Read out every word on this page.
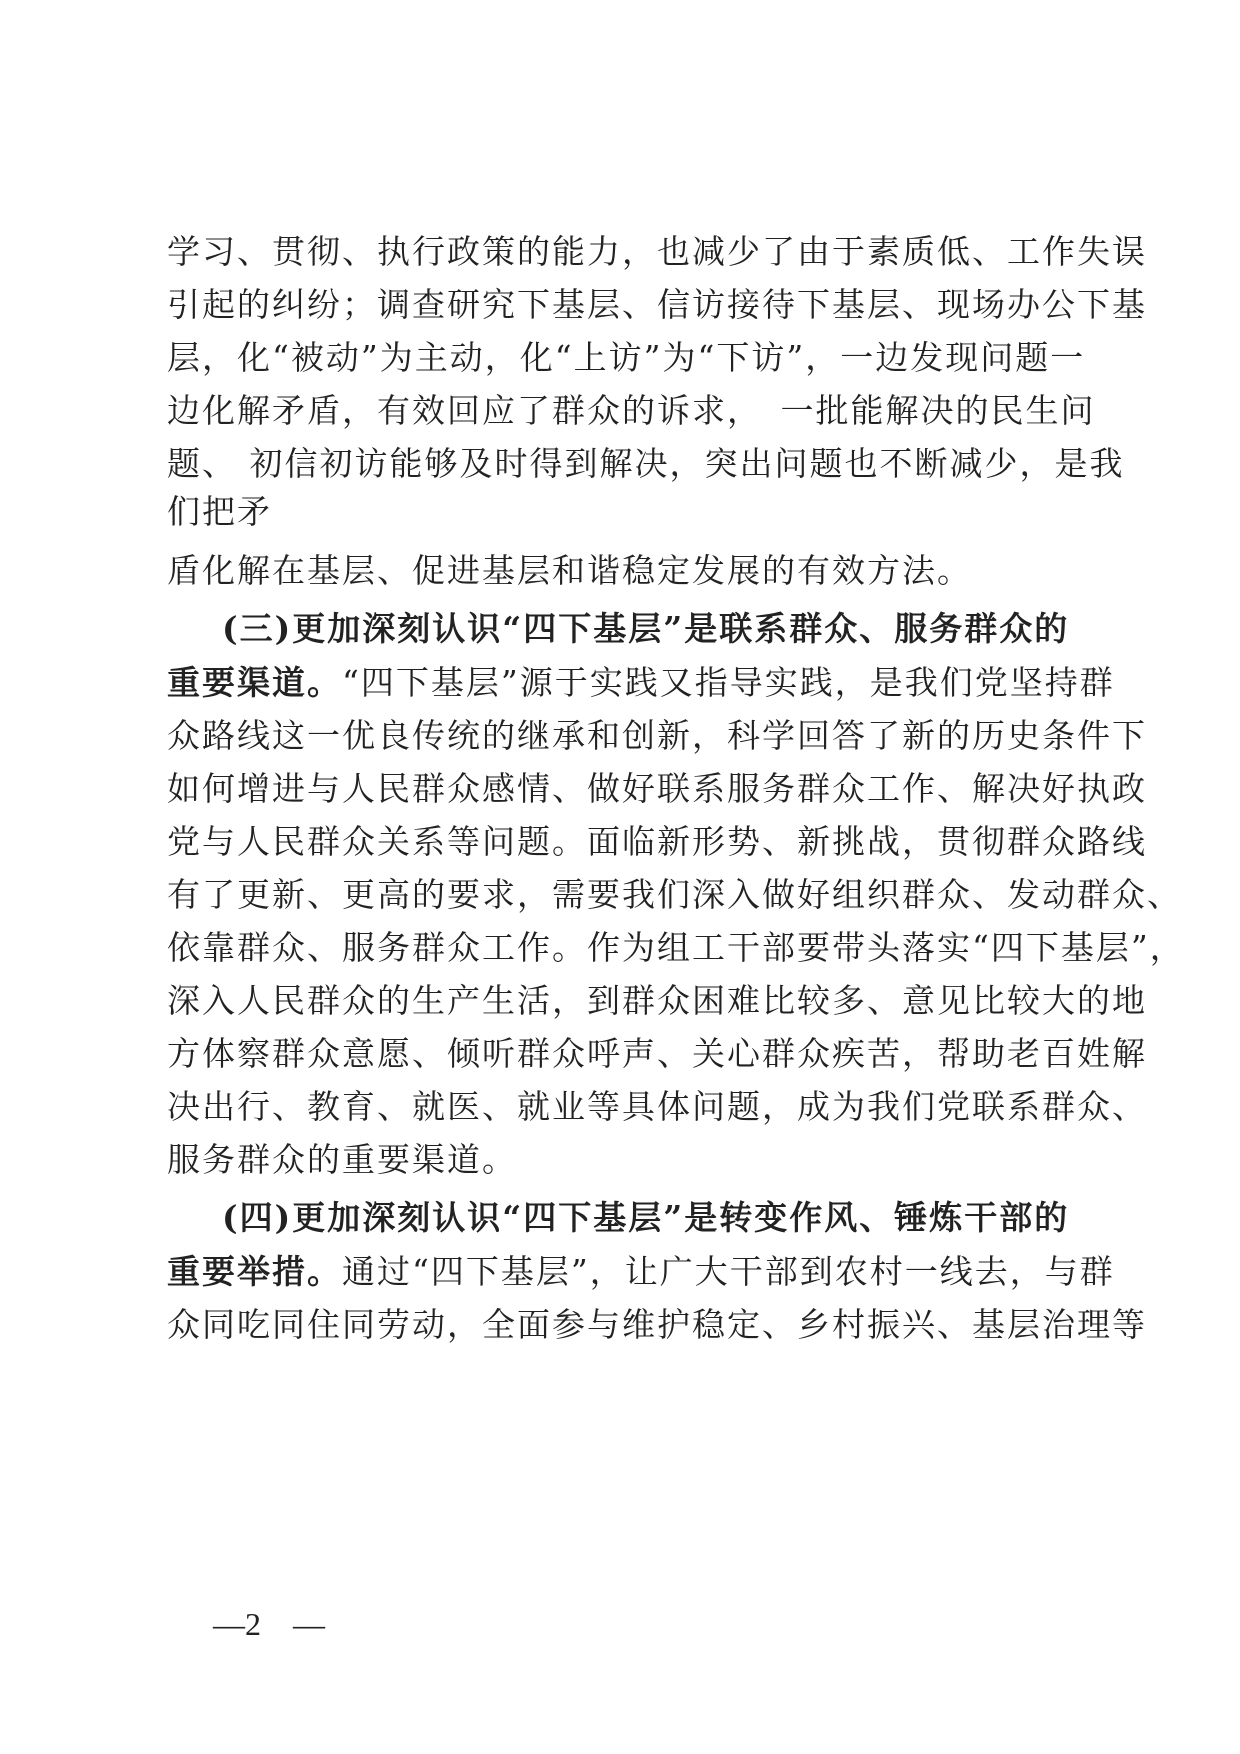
学习、贯彻、执行政策的能力，也减少了由于素质低、工作失误
引起的纠纷；调查研究下基层、信访接待下基层、现场办公下基
层，化“被动”为主动，化“上访”为“下访”，一边发现问题一
边化解矛盾，有效回应了群众的诉求，　一批能解决的民生问
题、 初信初访能够及时得到解决，突出问题也不断减少，是我
们把矛
盾化解在基层、促进基层和谐稳定发展的有效方法。
(三)更加深刻认识“四下基层”是联系群众、服务群众的
重要渠道。“四下基层”源于实践又指导实践，是我们党坚持群
众路线这一优良传统的继承和创新，科学回答了新的历史条件下
如何增进与人民群众感情、做好联系服务群众工作、解决好执政
党与人民群众关系等问题。面临新形势、新挑战，贯彻群众路线
有了更新、更高的要求，需要我们深入做好组织群众、发动群众、
依靠群众、服务群众工作。作为组工干部要带头落实“四下基层”，
深入人民群众的生产生活，到群众困难比较多、意见比较大的地
方体察群众意愿、倾听群众呼声、关心群众疾苦，帮助老百姓解
决出行、教育、就医、就业等具体问题，成为我们党联系群众、
服务群众的重要渠道。
(四)更加深刻认识“四下基层”是转变作风、锤炼干部的
重要举措。通过“四下基层”，让广大干部到农村一线去，与群
众同吃同住同劳动，全面参与维护稳定、乡村振兴、基层治理等
—2　—
